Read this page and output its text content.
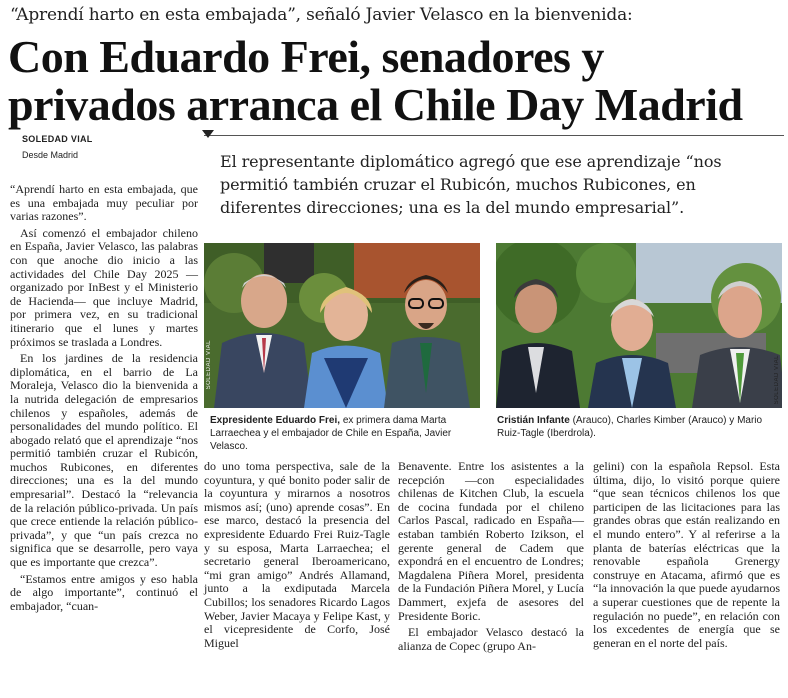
“Aprendí harto en esta embajada”, señaló Javier Velasco en la bienvenida:
Con Eduardo Frei, senadores y
privados arranca el Chile Day Madrid
SOLEDAD VIAL
Desde Madrid	El representante diplomático agregó que ese aprendizaje “nos permitió también cruzar el Rubicón, muchos Rubicones, en diferentes direcciones; una es la del mundo empresarial”.

“Aprendí harto en esta embajada, que es una embajada muy peculiar por varias razones”.

Así comenzó el embajador chileno en España, Javier Velasco, las palabras con que anoche dio inicio a las actividades del Chile Day 2025 —organizado por InBest y el Ministerio de Hacienda— que incluye Madrid, por primera vez, en su tradicional itinerario que el lunes y martes próximos se traslada a Londres.

En los jardines de la residencia diplomática, en el barrio de La Moraleja, Velasco dio la bienvenida a la nutrida delegación de empresarios chilenos y españoles, además de personalidades del mundo político. El abogado relató que el aprendizaje “nos permitió también cruzar el Rubicón, muchos Rubicones, en diferentes direcciones; una es la del mundo empresarial”. Destacó la “relevancia de la relación público-privada. Un país que crece entiende la relación público-privada”, y que “un país crezca no significa que se desarrolle, pero vaya que es importante que crezca”.

“Estamos entre amigos y eso habla de algo importante”, continuó el embajador, “cuan-

SOLEDAD VIAL	SOLEDAD VIAL
Expresidente Eduardo Frei, ex primera dama Marta Larraechea y el embajador de Chile en España, Javier Velasco.
Cristián Infante (Arauco), Charles Kimber (Arauco) y Mario Ruiz-Tagle (Iberdrola).

do uno toma perspectiva, sale de la coyuntura, y qué bonito poder salir de la coyuntura y mirarnos a nosotros mismos así; (uno) aprende cosas”. En ese marco, destacó la presencia del expresidente Eduardo Frei Ruiz-Tagle y su esposa, Marta Larraechea; el secretario general Iberoamericano, “mi gran amigo” Andrés Allamand, junto a la exdiputada Marcela Cubillos; los senadores Ricardo Lagos Weber, Javier Macaya y Felipe Kast, y el vicepresidente de Corfo, José Miguel

Benavente. Entre los asistentes a la recepción —con especialidades chilenas de Kitchen Club, la escuela de cocina fundada por el chileno Carlos Pascal, radicado en España— estaban también Roberto Izikson, el gerente general de Cadem que expondrá en el encuentro de Londres; Magdalena Piñera Morel, presidenta de la Fundación Piñera Morel, y Lucía Dammert, exjefa de asesores del Presidente Boric.

El embajador Velasco destacó la alianza de Copec (grupo An-

gelini) con la española Repsol. Esta última, dijo, lo visitó porque quiere “que sean técnicos chilenos los que participen de las licitaciones para las grandes obras que están realizando en el mundo entero”. Y al referirse a la planta de baterías eléctricas que la renovable española Grenergy construye en Atacama, afirmó que es “la innovación la que puede ayudarnos a superar cuestiones que de repente la regulación no puede”, en relación con los excedentes de energía que se generan en el norte del país.
